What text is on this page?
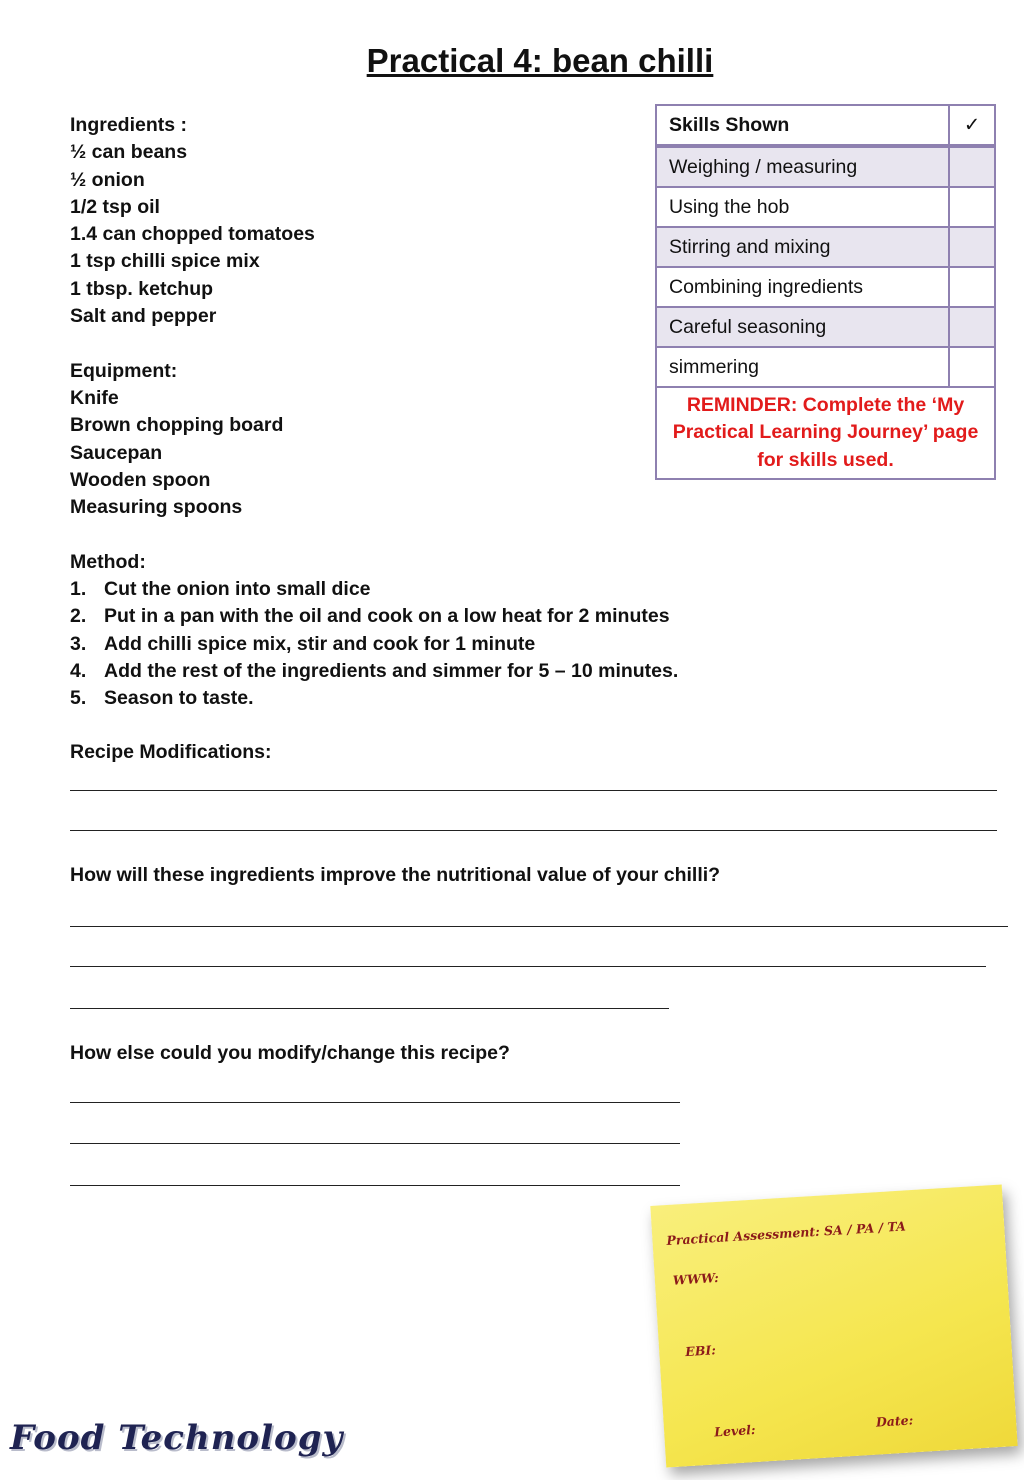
Practical 4: bean chilli
Ingredients :
½ can beans
½ onion
1/2 tsp oil
1.4 can chopped tomatoes
1 tsp chilli spice mix
1 tbsp. ketchup
Salt and pepper

Equipment:
Knife
Brown chopping board
Saucepan
Wooden spoon
Measuring spoons

Method:
1. Cut the onion into small dice
2. Put in a pan with the oil and cook on a low heat for 2 minutes
3. Add chilli spice mix, stir and cook for 1 minute
4. Add the rest of the ingredients and simmer for 5 – 10 minutes.
5. Season to taste.
Recipe Modifications:
How will these ingredients improve the nutritional value of your chilli?
How else could you modify/change this recipe?
Skills Shown	✓
Weighing / measuring	
Using the hob	
Stirring and mixing	
Combining ingredients	
Careful seasoning	
simmering	
REMINDER: Complete the ‘My Practical Learning Journey’ page for skills used.	
Practical Assessment: SA / PA / TA
WWW:
EBI:
Level:
Date:
Food Technology
